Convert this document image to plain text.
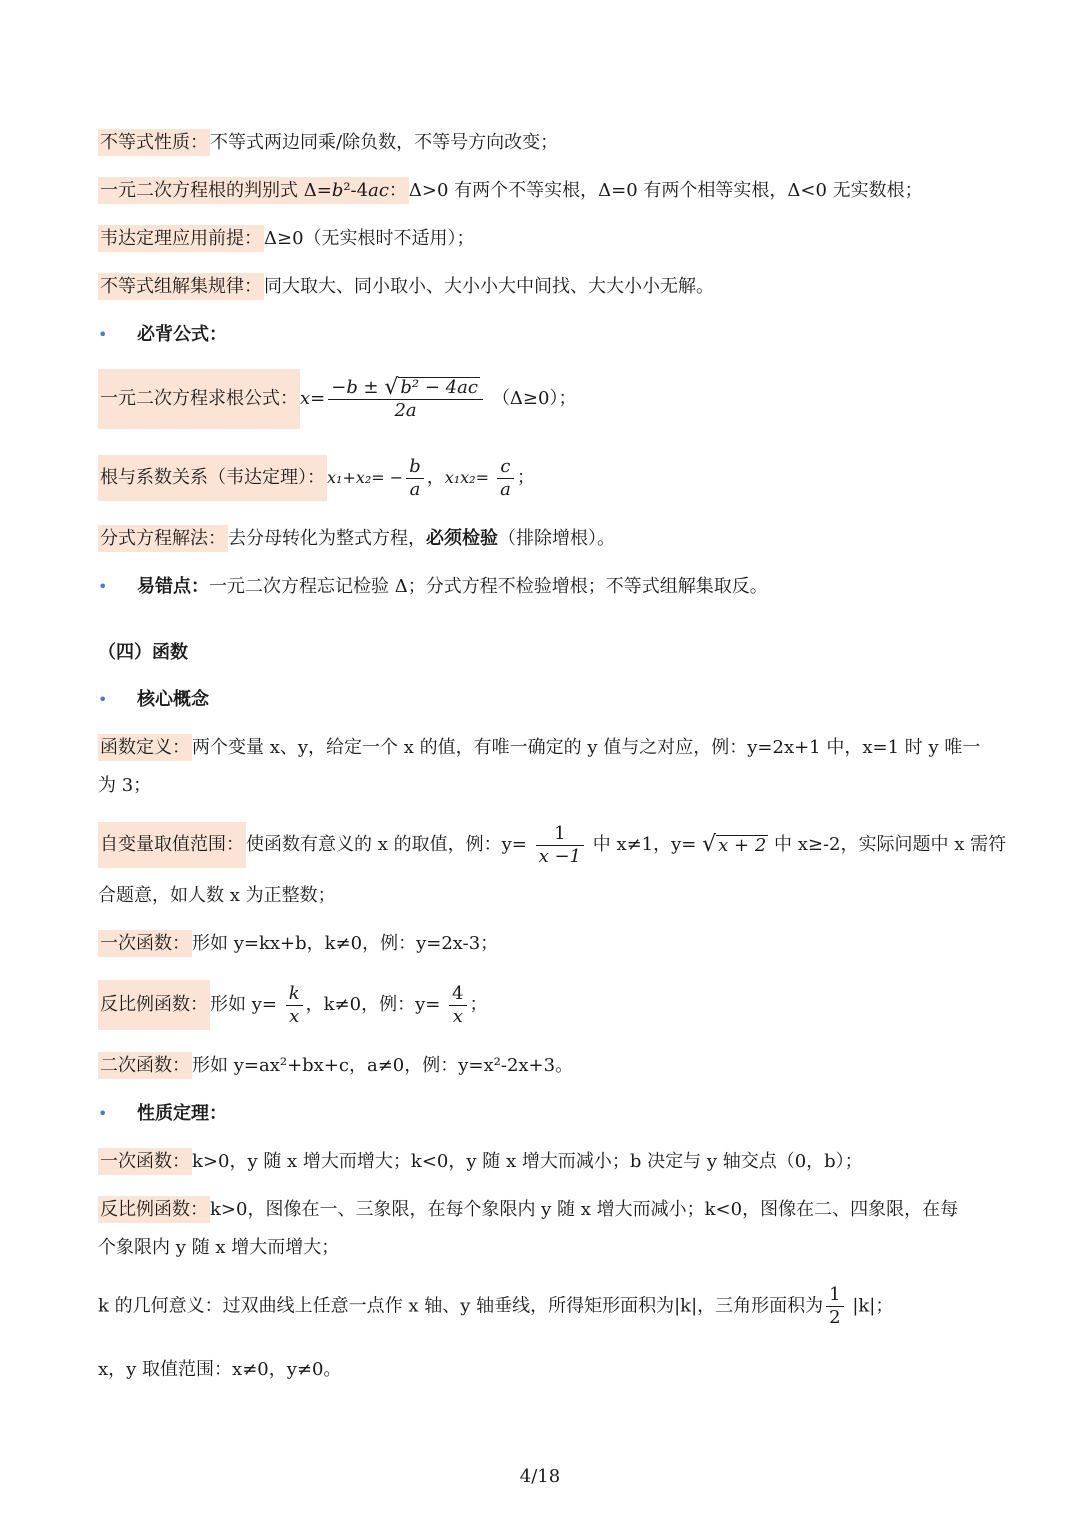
不等式性质： 不等式两边同乘/除负数，不等号方向改变；
一元二次方程根的判别式 Δ=b²-4ac： Δ>0 有两个不等实根，Δ=0 有两个相等实根，Δ<0 无实数根；
韦达定理应用前提： Δ≥0（无实根时不适用）；
不等式组解集规律： 同大取大、同小取小、大小小大中间找、大大小小无解。
• 必背公式：
一元二次方程求根公式： $x= \frac{\text{−b ± √ b² − 4ac}}{2a} (\Delta\ge 0)$；
根与系数关系（韦达定理）： $x_1+x_2= - \frac{b}{a}$ ，$x_1x_2= \frac{c}{a}$ ；
分式方程解法： 去分母转化为整式方程，必须检验（排除增根）。
• 易错点：一元二次方程忘记检验 Δ；分式方程不检验增根；不等式组解集取反。
（四）函数
• 核心概念
函数定义： 两个变量 x、y，给定一个 x 的值，有唯一确定的 y 值与之对应，例：y=2x+1 中，x=1 时 y 唯一
为 3；
自变量取值范围： 使函数有意义的 x 的取值，例：$y= \frac{1}{x -1}$ 中 x≠1，y= √ x + 2 中 x≥-2，实际问题中 x 需符
合题意，如人数 x 为正整数；
一次函数： 形如 y=kx+b，k≠0，例：y=2x-3；
反比例函数： 形如 $y= \frac{k}{x}$ ，k≠0，例：$y= \frac{4}{x}$ ；
二次函数： 形如 y=ax²+bx+c，a≠0，例：y=x²-2x+3。
• 性质定理：
一次函数： k>0，y 随 x 增大而增大；k<0，y 随 x 增大而减小；b 决定与 y 轴交点（0，b）；
反比例函数： k>0，图像在一、三象限，在每个象限内 y 随 x 增大而减小；k<0，图像在二、四象限，在每
个象限内 y 随 x 增大而增大；
k 的几何意义：过双曲线上任意一点作 x 轴、y 轴垂线，所得矩形面积为|k|，三角形面积为 $\frac{1}{2} |k|$；
x，y 取值范围：x≠0，y≠0。
4/18
